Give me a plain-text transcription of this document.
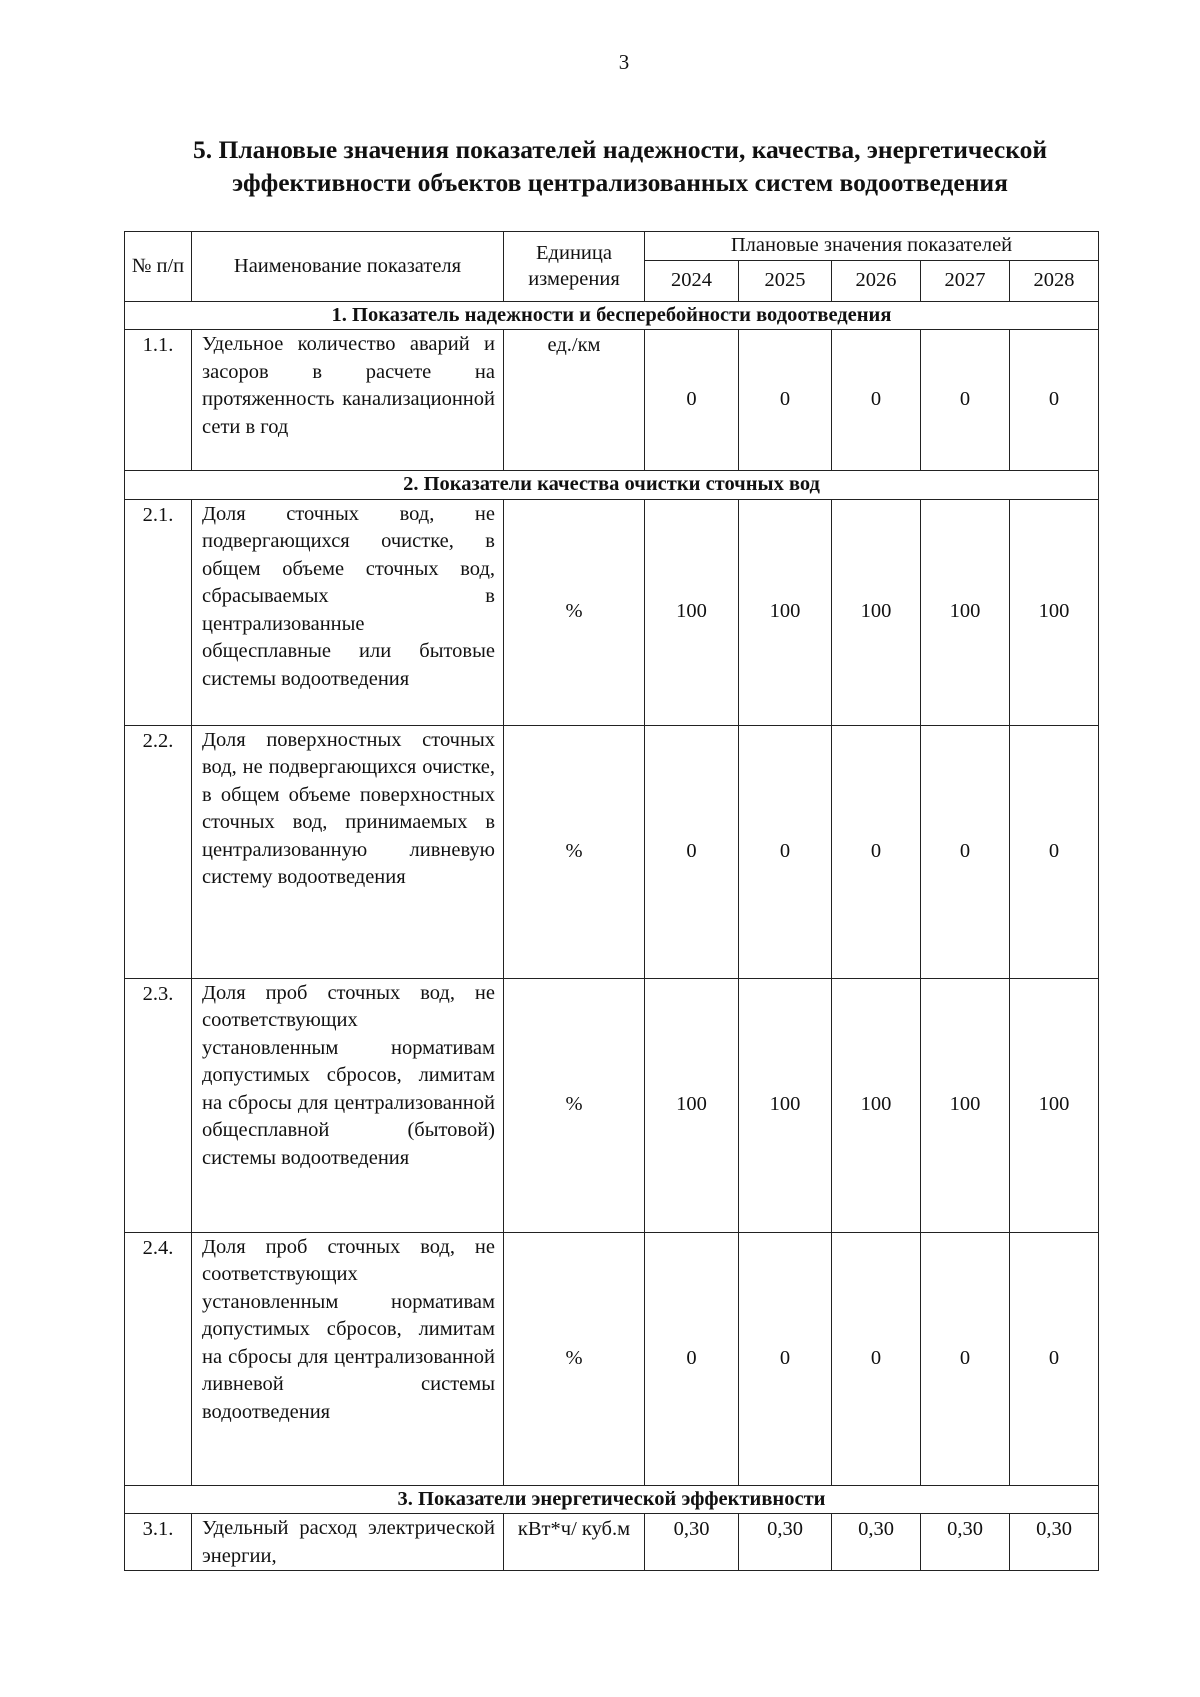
3
5. Плановые значения показателей надежности, качества, энергетической
эффективности объектов централизованных систем водоотведения
№ п/п	Наименование показателя	Единица измерения	Плановые значения показателей				
			2024	2025	2026	2027	2028
1. Показатель надежности и бесперебойности водоотведения							
1.1.	Удельное количество аварий и засоров в расчете на протяженность канализационной сети в год	ед./км	0	0	0	0	0
2. Показатели качества очистки сточных вод							
2.1.	Доля сточных вод, не подвергающихся очистке, в общем объеме сточных вод, сбрасываемых в централизованные общесплавные или бытовые системы водоотведения	%	100	100	100	100	100
2.2.	Доля поверхностных сточных вод, не подвергающихся очистке, в общем объеме поверхностных сточных вод, принимаемых в централизованную ливневую систему водоотведения	%	0	0	0	0	0
2.3.	Доля проб сточных вод, не соответствующих установленным нормативам допустимых сбросов, лимитам на сбросы для централизованной общесплавной (бытовой) системы водоотведения	%	100	100	100	100	100
2.4.	Доля проб сточных вод, не соответствующих установленным нормативам допустимых сбросов, лимитам на сбросы для централизованной ливневой системы водоотведения	%	0	0	0	0	0
3. Показатели энергетической эффективности							
3.1.	Удельный расход электрической энергии,	кВт*ч/ куб.м	0,30	0,30	0,30	0,30	0,30
